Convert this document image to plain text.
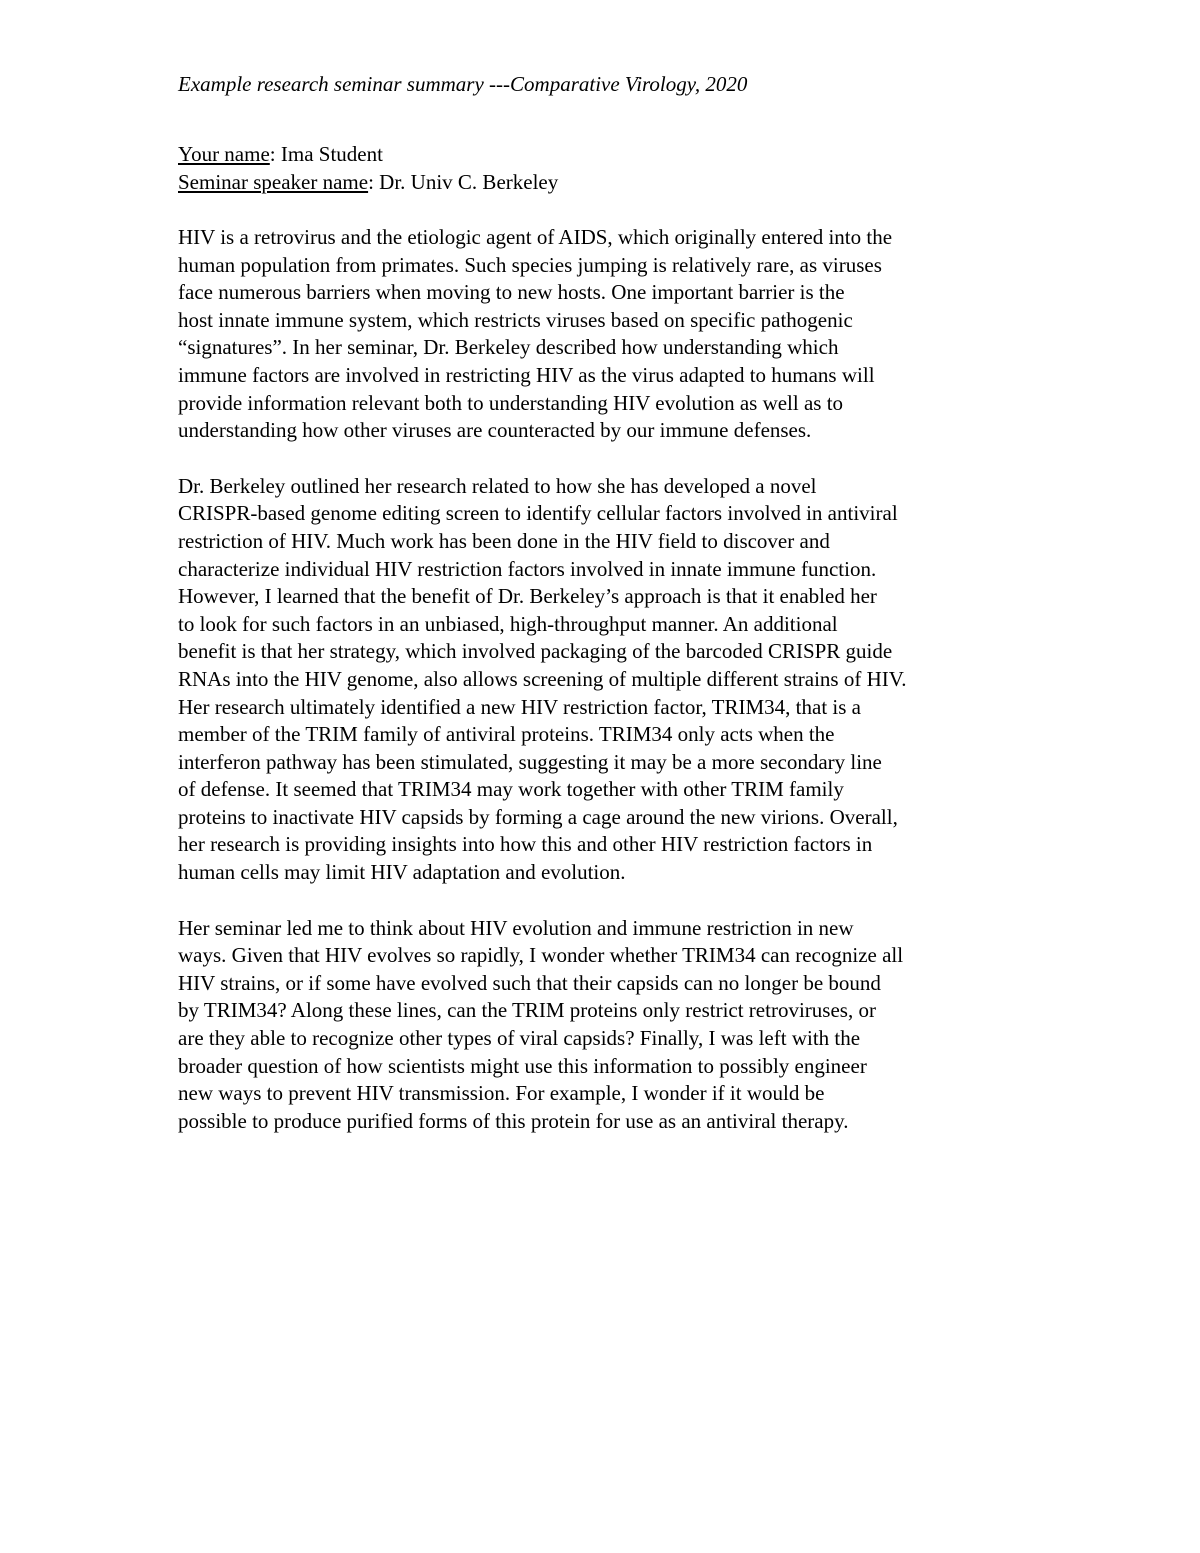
Example research seminar summary ---Comparative Virology, 2020

Your name: Ima Student
Seminar speaker name: Dr. Univ C. Berkeley
HIV is a retrovirus and the etiologic agent of AIDS, which originally entered into the
human population from primates. Such species jumping is relatively rare, as viruses
face numerous barriers when moving to new hosts. One important barrier is the
host innate immune system, which restricts viruses based on specific pathogenic
“signatures”. In her seminar, Dr. Berkeley described how understanding which
immune factors are involved in restricting HIV as the virus adapted to humans will
provide information relevant both to understanding HIV evolution as well as to
understanding how other viruses are counteracted by our immune defenses.
Dr. Berkeley outlined her research related to how she has developed a novel
CRISPR-based genome editing screen to identify cellular factors involved in antiviral
restriction of HIV. Much work has been done in the HIV field to discover and
characterize individual HIV restriction factors involved in innate immune function.
However, I learned that the benefit of Dr. Berkeley’s approach is that it enabled her
to look for such factors in an unbiased, high-throughput manner. An additional
benefit is that her strategy, which involved packaging of the barcoded CRISPR guide
RNAs into the HIV genome, also allows screening of multiple different strains of HIV.
Her research ultimately identified a new HIV restriction factor, TRIM34, that is a
member of the TRIM family of antiviral proteins. TRIM34 only acts when the
interferon pathway has been stimulated, suggesting it may be a more secondary line
of defense. It seemed that TRIM34 may work together with other TRIM family
proteins to inactivate HIV capsids by forming a cage around the new virions. Overall,
her research is providing insights into how this and other HIV restriction factors in
human cells may limit HIV adaptation and evolution.
Her seminar led me to think about HIV evolution and immune restriction in new
ways. Given that HIV evolves so rapidly, I wonder whether TRIM34 can recognize all
HIV strains, or if some have evolved such that their capsids can no longer be bound
by TRIM34? Along these lines, can the TRIM proteins only restrict retroviruses, or
are they able to recognize other types of viral capsids? Finally, I was left with the
broader question of how scientists might use this information to possibly engineer
new ways to prevent HIV transmission. For example, I wonder if it would be
possible to produce purified forms of this protein for use as an antiviral therapy.
